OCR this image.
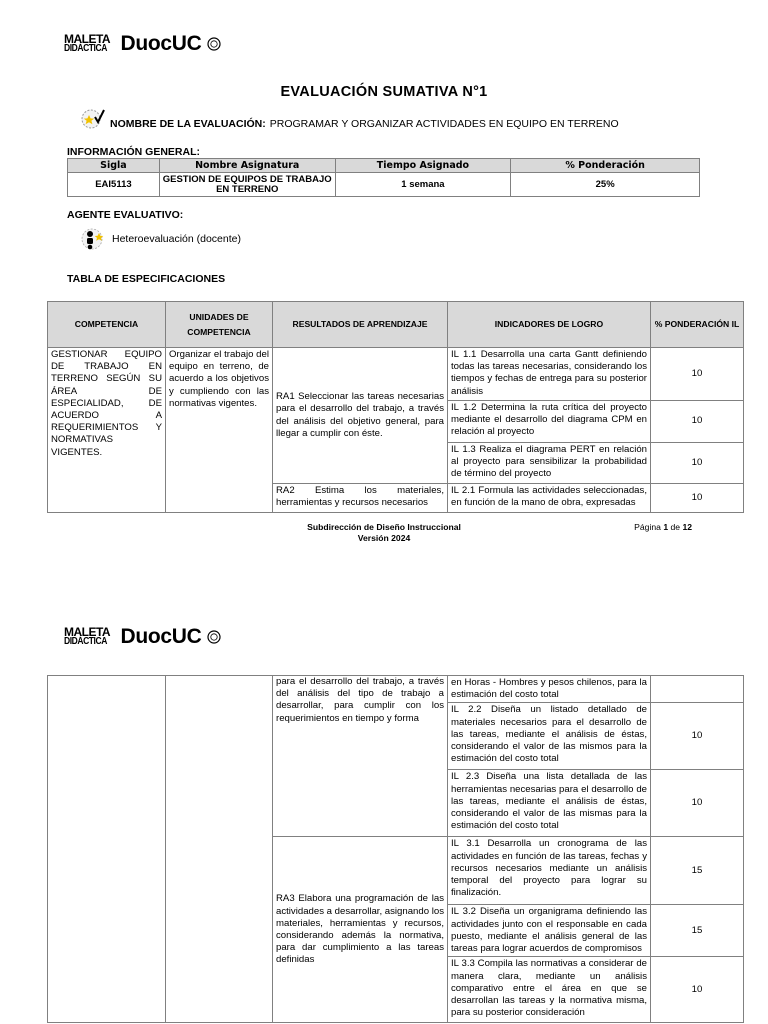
MALETA
DIDÁCTICA DuocUC
EVALUACIÓN SUMATIVA N°1
NOMBRE DE LA EVALUACIÓN: PROGRAMAR Y ORGANIZAR ACTIVIDADES EN EQUIPO EN TERRENO
INFORMACIÓN GENERAL:
Sigla	Nombre Asignatura	Tiempo Asignado	% Ponderación
EAI5113	GESTION DE EQUIPOS DE TRABAJO EN TERRENO	1 semana	25%
AGENTE EVALUATIVO:
Heteroevaluación (docente)
TABLA DE ESPECIFICACIONES
COMPETENCIA	UNIDADES DE COMPETENCIA	RESULTADOS DE APRENDIZAJE	INDICADORES DE LOGRO	% PONDERACIÓN IL
GESTIONAR EQUIPO DE TRABAJO EN TERRENO SEGÚN SU ÁREA DE ESPECIALIDAD, DE ACUERDO A REQUERIMIENTOS Y NORMATIVAS VIGENTES.	Organizar el trabajo del equipo en terreno, de acuerdo a los objetivos y cumpliendo con las normativas vigentes.	RA1 Seleccionar las tareas necesarias para el desarrollo del trabajo, a través del análisis del objetivo general, para llegar a cumplir con éste.	IL 1.1 Desarrolla una carta Gantt definiendo todas las tareas necesarias, considerando los tiempos y fechas de entrega para su posterior análisis	10
			IL 1.2 Determina la ruta crítica del proyecto mediante el desarrollo del diagrama CPM en relación al proyecto	10
			IL 1.3 Realiza el diagrama PERT en relación al proyecto para sensibilizar la probabilidad de término del proyecto	10
		RA2 Estima los materiales, herramientas y recursos necesarios	IL 2.1 Formula las actividades seleccionadas, en función de la mano de obra, expresadas	10
Subdirección de Diseño Instruccional
Versión 2024
Página 1 de 12
MALETA
DIDÁCTICA DuocUC
		para el desarrollo del trabajo, a través del análisis del tipo de trabajo a desarrollar, para cumplir con los requerimientos en tiempo y forma	en Horas - Hombres y pesos chilenos, para la estimación del costo total	
			IL 2.2 Diseña un listado detallado de materiales necesarios para el desarrollo de las tareas, mediante el análisis de éstas, considerando el valor de las mismos para la estimación del costo total	10
			IL 2.3 Diseña una lista detallada de las herramientas necesarias para el desarrollo de las tareas, mediante el análisis de éstas, considerando el valor de las mismas para la estimación del costo total	10
		RA3 Elabora una programación de las actividades a desarrollar, asignando los materiales, herramientas y recursos, considerando además la normativa, para dar cumplimiento a las tareas definidas	IL 3.1 Desarrolla un cronograma de las actividades en función de las tareas, fechas y recursos necesarios mediante un análisis temporal del proyecto para lograr su finalización.	15
			IL 3.2 Diseña un organigrama definiendo las actividades junto con el responsable en cada puesto, mediante el análisis general de las tareas para lograr acuerdos de compromisos	15
			IL 3.3 Compila las normativas a considerar de manera clara, mediante un análisis comparativo entre el área en que se desarrollan las tareas y la normativa misma, para su posterior consideración	10
